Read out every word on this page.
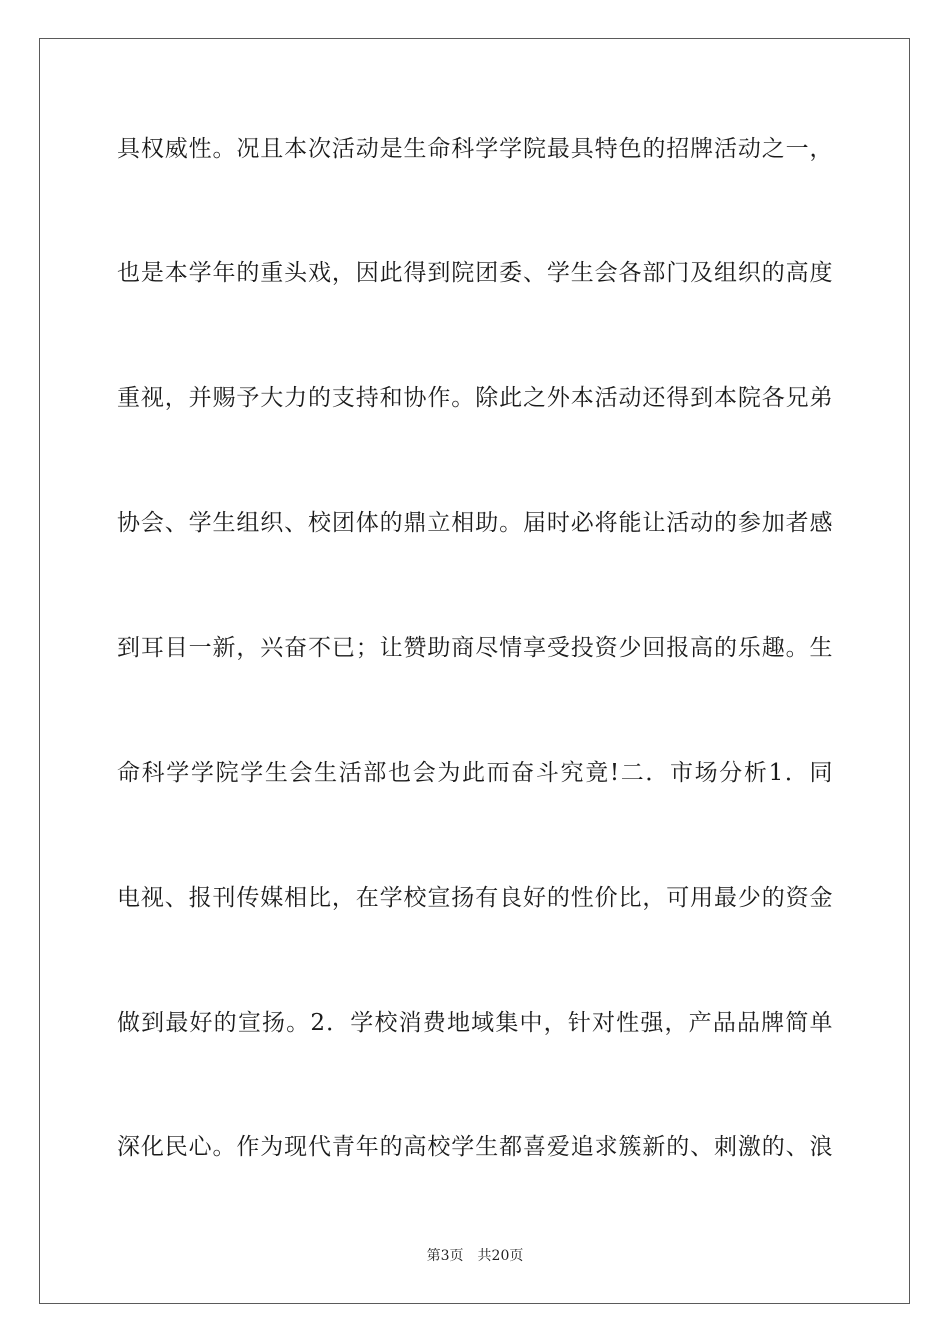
具权威性。况且本次活动是生命科学学院最具特色的招牌活动之一，
也是本学年的重头戏，因此得到院团委、学生会各部门及组织的高度
重视，并赐予大力的支持和协作。除此之外本活动还得到本院各兄弟
协会、学生组织、校团体的鼎立相助。届时必将能让活动的参加者感
到耳目一新，兴奋不已；让赞助商尽情享受投资少回报高的乐趣。生
命科学学院学生会生活部也会为此而奋斗究竟!二．市场分析1．同
电视、报刊传媒相比，在学校宣扬有良好的性价比，可用最少的资金
做到最好的宣扬。2．学校消费地域集中，针对性强，产品品牌简单
深化民心。作为现代青年的高校学生都喜爱追求簇新的、刺激的、浪
第3页 共20页
